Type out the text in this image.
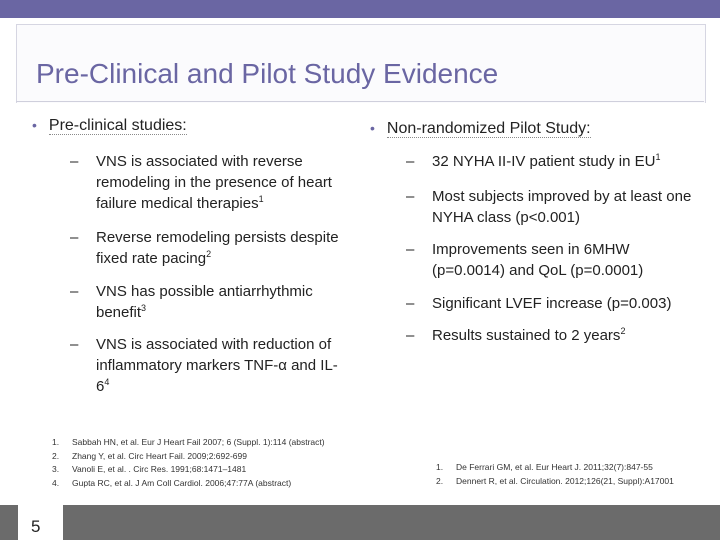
Pre-Clinical and Pilot Study Evidence
• Pre-clinical studies:
– VNS is associated with reverse remodeling in the presence of heart failure medical therapies$^1$
– Reverse remodeling persists despite fixed rate pacing$^2$
– VNS has possible antiarrhythmic benefit$^3$
– VNS is associated with reduction of inflammatory markers TNF-α and $IL-6^4$
1. Sabbah HN, et al. Eur J Heart Fail 2007; 6 (Suppl. 1):114 (abstract)
2. Zhang Y, et al. Circ Heart Fail. 2009;2:692-699
3. Vanoli E, et al. . Circ Res. 1991;68:1471–1481
4. Gupta RC, et al. J Am Coll Cardiol. 2006;47:77A (abstract)
• Non-randomized Pilot Study:
– 32 NYHA II-IV patient study in $EU^1$
– Most subjects improved by at least one NYHA class (p<0.001)
– Improvements seen in 6MHW (p=0.0014) and QoL (p=0.0001)
– Significant LVEF increase (p=0.003)
– Results sustained to 2 years$^2$
1. De Ferrari GM, et al. Eur Heart J. 2011;32(7):847-55
2. Dennert R, et al. Circulation. 2012;126(21, Suppl):A17001
5
